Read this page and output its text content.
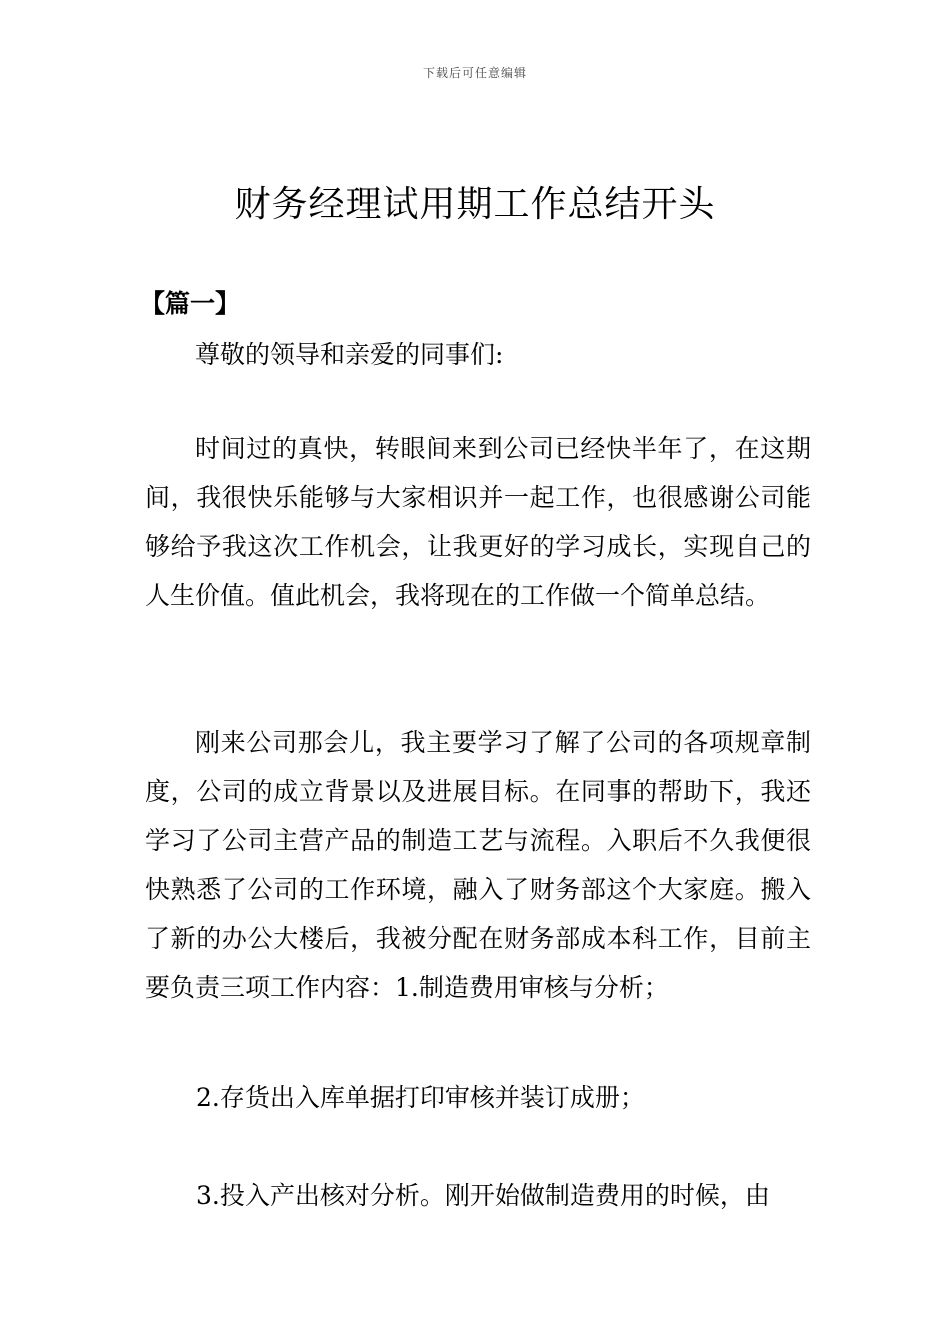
下载后可任意编辑
财务经理试用期工作总结开头
【篇一】
尊敬的领导和亲爱的同事们:
时间过的真快，转眼间来到公司已经快半年了，在这期间，我很快乐能够与大家相识并一起工作，也很感谢公司能够给予我这次工作机会，让我更好的学习成长，实现自己的人生价值。值此机会，我将现在的工作做一个简单总结。
刚来公司那会儿，我主要学习了解了公司的各项规章制度，公司的成立背景以及进展目标。在同事的帮助下，我还学习了公司主营产品的制造工艺与流程。入职后不久我便很快熟悉了公司的工作环境，融入了财务部这个大家庭。搬入了新的办公大楼后，我被分配在财务部成本科工作，目前主要负责三项工作内容：1.制造费用审核与分析；
2.存货出入库单据打印审核并装订成册；
3.投入产出核对分析。刚开始做制造费用的时候，由
